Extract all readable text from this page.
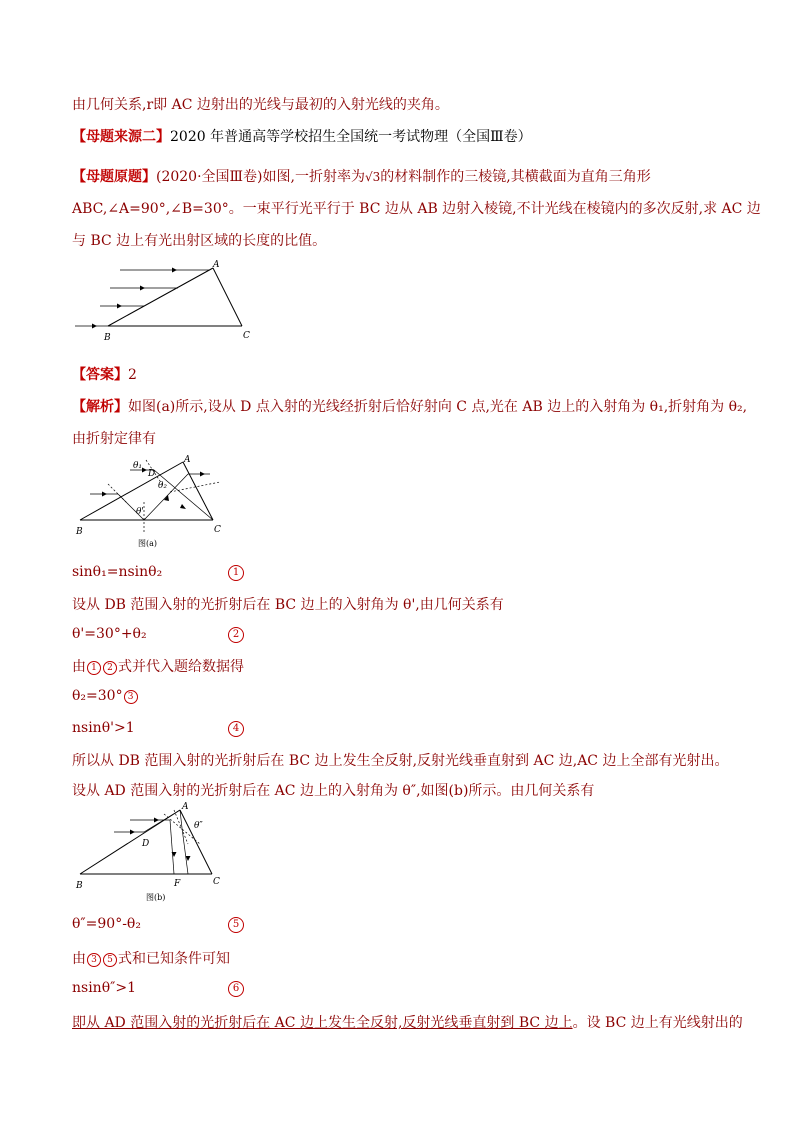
由几何关系,r即 AC 边射出的光线与最初的入射光线的夹角。
【母题来源二】2020 年普通高等学校招生全国统一考试物理（全国Ⅲ卷）
【母题原题】(2020·全国Ⅲ卷)如图,一折射率为√3的材料制作的三棱镜,其横截面为直角三角形
ABC,∠A=90°,∠B=30°。一束平行光平行于 BC 边从 AB 边射入棱镜,不计光线在棱镜内的多次反射,求 AC 边
与 BC 边上有光出射区域的长度的比值。
A
B	C
【答案】2
【解析】如图(a)所示,设从 D 点入射的光线经折射后恰好射向 C 点,光在 AB 边上的入射角为 θ₁,折射角为 θ₂,
由折射定律有
θ₁
D
θ₂
θ'
A
B	C
图(a)
sinθ₁=nsinθ₂	1
设从 DB 范围入射的光折射后在 BC 边上的入射角为 θ',由几何关系有
θ'=30°+θ₂	2
由 1 2 式并代入题给数据得
θ₂=30° 3
nsinθ'>1	4
所以从 DB 范围入射的光折射后在 BC 边上发生全反射,反射光线垂直射到 AC 边,AC 边上全部有光射出。
设从 AD 范围入射的光折射后在 AC 边上的入射角为 θ″,如图(b)所示。由几何关系有
A
θ″
D
B	F	C
图(b)
θ″=90°-θ₂	5
由 3 5 式和已知条件可知
nsinθ″>1	6
即从 AD 范围入射的光折射后在 AC 边上发生全反射,反射光线垂直射到 BC 边上。设 BC 边上有光线射出的
